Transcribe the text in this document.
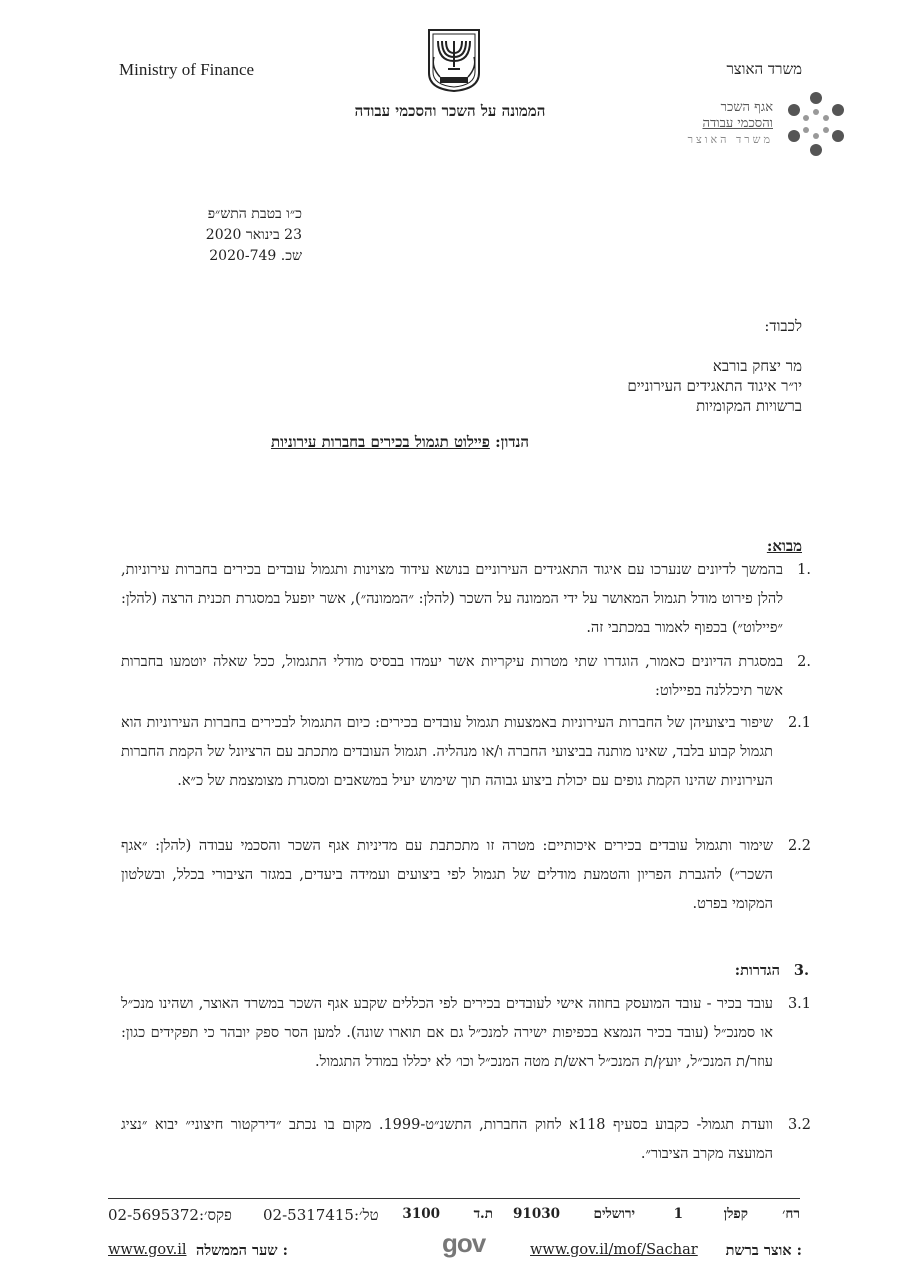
Ministry of Finance	משרד האוצר
הממונה על השכר והסכמי עבודה	אגף השכר
והסכמי עבודה
משרד האוצר
כ״ו בטבת התש״פ
23 בינואר 2020
שכ. 2020-749
לכבוד:
מר יצחק בורבא
יו״ר איגוד התאגידים העירוניים
ברשויות המקומיות
הנדון: פיילוט תגמול בכירים בחברות עירוניות
מבוא:
1.
בהמשך לדיונים שנערכו עם איגוד התאגידים העירוניים בנושא עידוד מצוינות ותגמול עובדים בכירים בחברות עירוניות, להלן פירוט מודל תגמול המאושר על ידי הממונה על השכר (להלן: ״הממונה״), אשר יופעל במסגרת תכנית הרצה (להלן: ״פיילוט״) בכפוף לאמור במכתבי זה.
2.
במסגרת הדיונים כאמור, הוגדרו שתי מטרות עיקריות אשר יעמדו בבסיס מודלי התגמול, ככל שאלה יוטמעו בחברות אשר תיכללנה בפיילוט:
2.1
שיפור ביצועיהן של החברות העירוניות באמצעות תגמול עובדים בכירים: כיום התגמול לבכירים בחברות העירוניות הוא תגמול קבוע בלבד, שאינו מותנה בביצועי החברה ו/או מנהליה. תגמול העובדים מתכתב עם הרציונל של הקמת החברות העירוניות שהינו הקמת גופים עם יכולת ביצוע גבוהה תוך שימוש יעיל במשאבים ומסגרת מצומצמת של כ״א.
2.2
שימור ותגמול עובדים בכירים איכותיים: מטרה זו מתכתבת עם מדיניות אגף השכר והסכמי עבודה (להלן: ״אגף השכר״) להגברת הפריון והטמעת מודלים של תגמול לפי ביצועים ועמידה ביעדים, במגזר הציבורי בכלל, ובשלטון המקומי בפרט.
3. הגדרות:
3.1
עובד בכיר - עובד המועסק בחוזה אישי לעובדים בכירים לפי הכללים שקבע אגף השכר במשרד האוצר, ושהינו מנכ״ל או סמנכ״ל (עובד בכיר הנמצא בכפיפות ישירה למנכ״ל גם אם תוארו שונה). למען הסר ספק יובהר כי תפקידים כגון: עוזר/ת המנכ״ל, יועץ/ת המנכ״ל ראש/ת מטה המנכ״ל וכו׳ לא יכללו במודל התגמול.
3.2
וועדת תגמול- כקבוע בסעיף 118א לחוק החברות, התשנ״ט-1999. מקום בו נכתב ״דירקטור חיצוני״ יבוא ״נציג המועצה מקרב הציבור״.
רח׳
קפלן
1
ירושלים
91030
ת.ד
3100
טל׳:02-5317415
פקס׳:02-5695372
אוצר ברשת :
www.gov.il/mof/Sachar
gov
שער הממשלה :
www.gov.il
